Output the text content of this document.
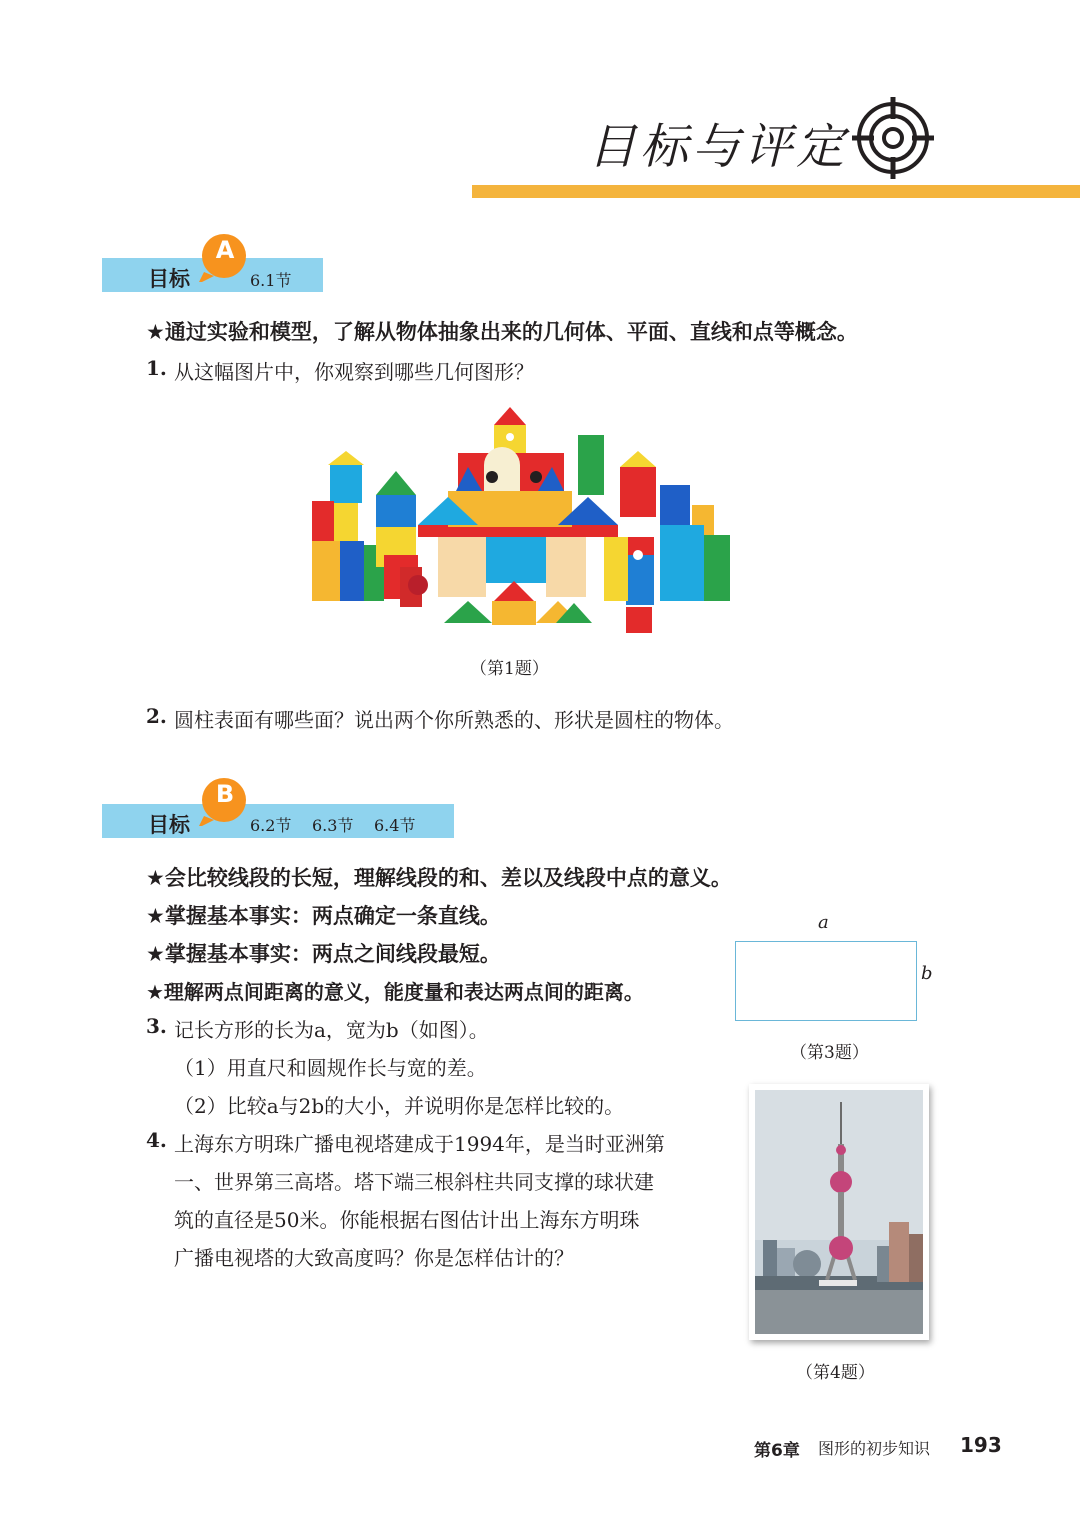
目标与评定
目标
A
6.1节
★通过实验和模型，了解从物体抽象出来的几何体、平面、直线和点等概念。
1. 从这幅图片中，你观察到哪些几何图形？
（第1题）
2. 圆柱表面有哪些面？说出两个你所熟悉的、形状是圆柱的物体。
目标
B
6.2节 6.3节 6.4节
★会比较线段的长短，理解线段的和、差以及线段中点的意义。
★掌握基本事实：两点确定一条直线。
★掌握基本事实：两点之间线段最短。
★理解两点间距离的意义，能度量和表达两点间的距离。
a
b
（第3题）
3. 记长方形的长为a，宽为b（如图）。
（1）用直尺和圆规作长与宽的差。
（2）比较a与2b的大小，并说明你是怎样比较的。
4. 上海东方明珠广播电视塔建成于1994年，是当时亚洲第
一、世界第三高塔。塔下端三根斜柱共同支撑的球状建
筑的直径是50米。你能根据右图估计出上海东方明珠
广播电视塔的大致高度吗？你是怎样估计的？
（第4题）
第6章 图形的初步知识 193
